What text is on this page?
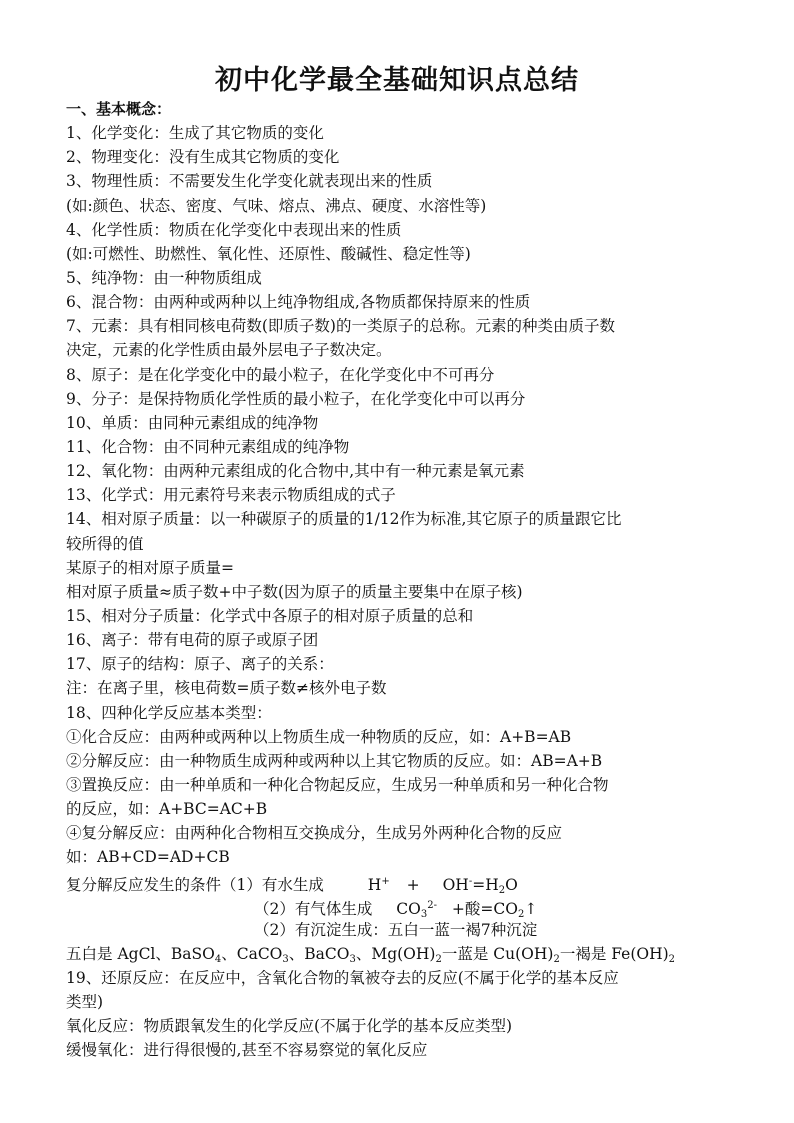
初中化学最全基础知识点总结
一、基本概念：
1、化学变化：生成了其它物质的变化
2、物理变化：没有生成其它物质的变化
3、物理性质：不需要发生化学变化就表现出来的性质
(如:颜色、状态、密度、气味、熔点、沸点、硬度、水溶性等)
4、化学性质：物质在化学变化中表现出来的性质
(如:可燃性、助燃性、氧化性、还原性、酸碱性、稳定性等)
5、纯净物：由一种物质组成
6、混合物：由两种或两种以上纯净物组成,各物质都保持原来的性质
7、元素：具有相同核电荷数(即质子数)的一类原子的总称。元素的种类由质子数
决定，元素的化学性质由最外层电子子数决定。
8、原子：是在化学变化中的最小粒子，在化学变化中不可再分
9、分子：是保持物质化学性质的最小粒子，在化学变化中可以再分
10、单质：由同种元素组成的纯净物
11、化合物：由不同种元素组成的纯净物
12、氧化物：由两种元素组成的化合物中,其中有一种元素是氧元素
13、化学式：用元素符号来表示物质组成的式子
14、相对原子质量：以一种碳原子的质量的1/12作为标准,其它原子的质量跟它比
较所得的值
某原子的相对原子质量=
相对原子质量≈质子数+中子数(因为原子的质量主要集中在原子核)
15、相对分子质量：化学式中各原子的相对原子质量的总和
16、离子：带有电荷的原子或原子团
17、原子的结构：原子、离子的关系：
注：在离子里，核电荷数=质子数≠核外电子数
18、四种化学反应基本类型：
①化合反应：由两种或两种以上物质生成一种物质的反应，如：A+B=AB
②分解反应：由一种物质生成两种或两种以上其它物质的反应。如：AB=A+B
③置换反应：由一种单质和一种化合物起反应，生成另一种单质和另一种化合物
的反应，如：A+BC=AC+B
④复分解反应：由两种化合物相互交换成分，生成另外两种化合物的反应
如：AB+CD=AD+CB
复分解反应发生的条件（1）有水生成	$H^+ + OH^-=H_2O$
（2）有气体生成 $CO_3^{2-}$ +酸$=CO_2↑$
（2）有沉淀生成：五白一蓝一褐7种沉淀
五白是 AgCl、BaSO$_4$、CaCO$_3$、BaCO$_3$、$Mg(OH)_2$一蓝是 $Cu(OH)_2$一褐是 $Fe(OH)_2$
19、还原反应：在反应中，含氧化合物的氧被夺去的反应(不属于化学的基本反应
类型)
氧化反应：物质跟氧发生的化学反应(不属于化学的基本反应类型)
缓慢氧化：进行得很慢的,甚至不容易察觉的氧化反应
